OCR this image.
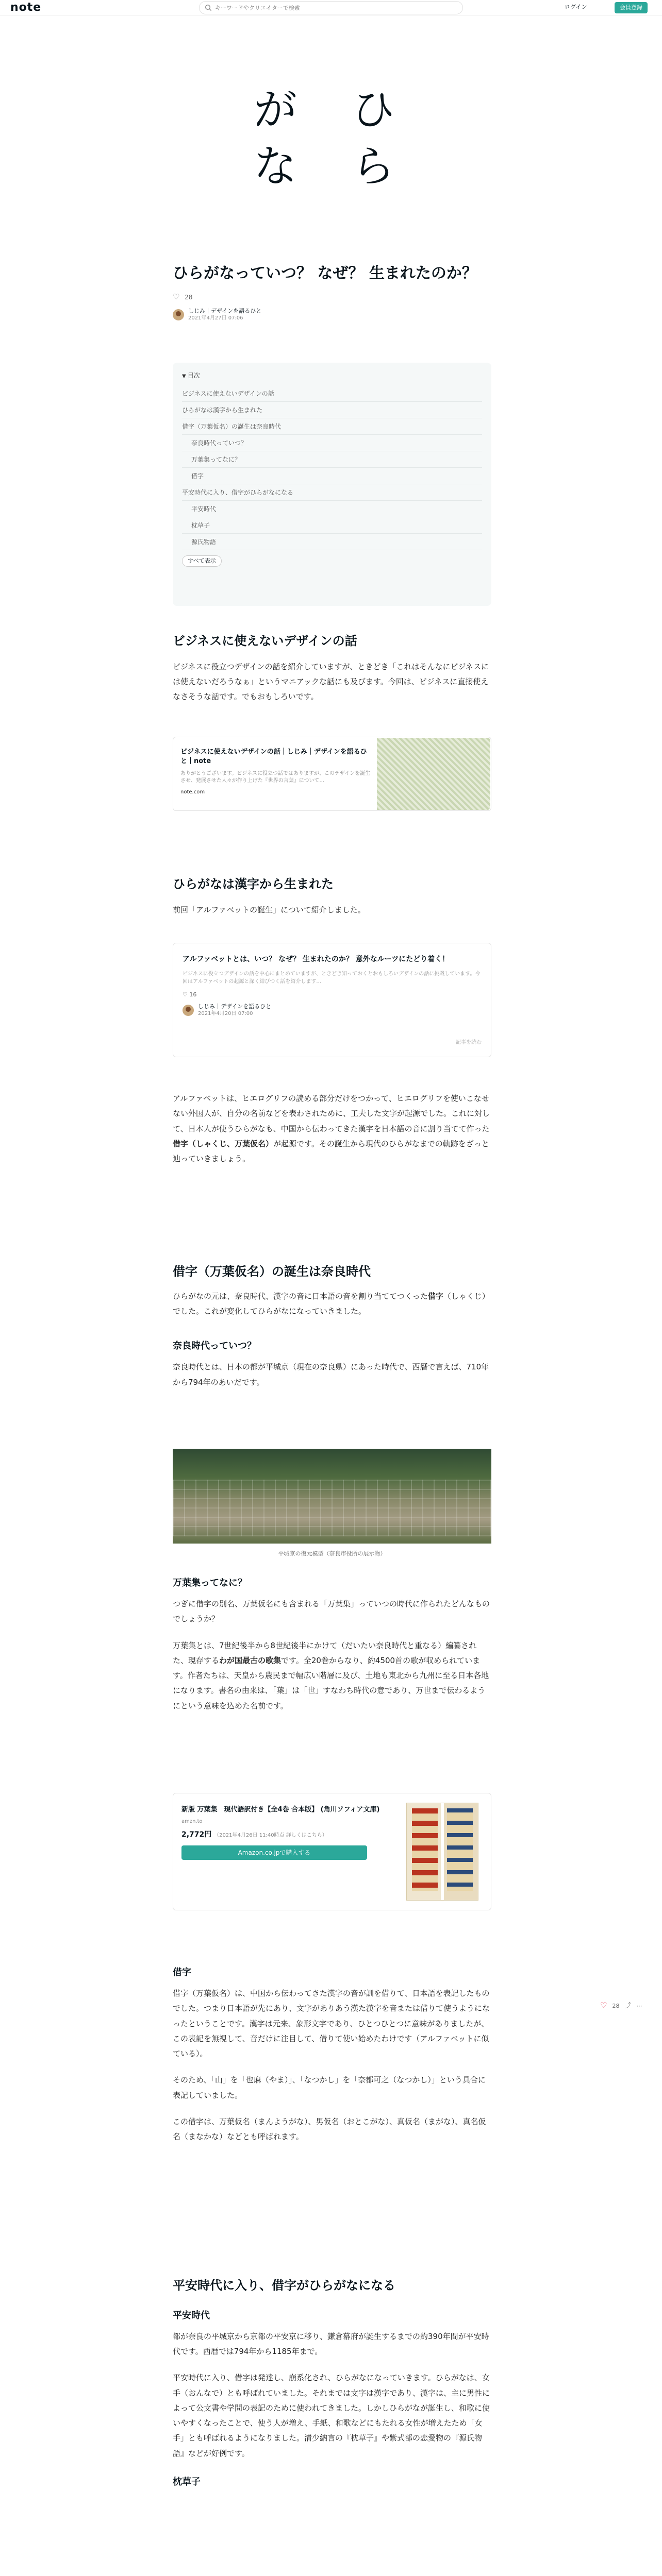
note
キーワードやクリエイターで検索	ログイン	会員登録
が
な
ひ
ら
ひらがなっていつ？ なぜ？ 生まれたのか？
♡ 28
しじみ｜デザインを語るひと
2021年4月27日 07:06
▼ 目次
ビジネスに使えないデザインの話
ひらがなは漢字から生まれた
借字（万葉仮名）の誕生は奈良時代
奈良時代っていつ？
万葉集ってなに？
借字
平安時代に入り、借字がひらがなになる
平安時代
枕草子
源氏物語
すべて表示
ビジネスに使えないデザインの話

ビジネスに役立つデザインの話を紹介していますが、ときどき「これはそんなにビジネスには使えないだろうなぁ」というマニアックな話にも及びます。今回は、ビジネスに直接使えなさそうな話です。でもおもしろいです。

ビジネスに使えないデザインの話｜しじみ｜デザインを語るひと｜note
ありがとうございます。ビジネスに役立つ話ではありますが、このデザインを誕生させ、発展させた人々が作り上げた『世界の言葉』について...
note.com
ひらがなは漢字から生まれた

前回「アルファベットの誕生」について紹介しました。

アルファベットとは、いつ？ なぜ？ 生まれたのか？ 意外なルーツにたどり着く！
ビジネスに役立つデザインの話を中心にまとめていますが、ときどき知っておくとおもしろいデザインの話に挑戦しています。今回はアルファベットの起源と深く結びつく話を紹介します...
♡ 16
しじみ｜デザインを語るひと
2021年4月20日 07:00
記事を読む

アルファベットは、ヒエログリフの読める部分だけをつかって、ヒエログリフを使いこなせない外国人が、自分の名前などを表わされために、工夫した文字が起源でした。これに対して、日本人が使うひらがなも、中国から伝わってきた漢字を日本語の音に割り当てて作った借字（しゃくじ、万葉仮名）が起源です。その誕生から現代のひらがなまでの軌跡をざっと辿っていきましょう。

借字（万葉仮名）の誕生は奈良時代

ひらがなの元は、奈良時代、漢字の音に日本語の音を割り当ててつくった借字（しゃくじ）でした。これが変化してひらがなになっていきました。

奈良時代っていつ？

奈良時代とは、日本の都が平城京（現在の奈良県）にあった時代で、西暦で言えば、710年から794年のあいだです。

平城京の復元模型（奈良市役所の展示物）
万葉集ってなに？

つぎに借字の別名、万葉仮名にも含まれる「万葉集」っていつの時代に作られたどんなものでしょうか？

万葉集とは、7世紀後半から8世紀後半にかけて（だいたい奈良時代と重なる）編纂された、現存するわが国最古の歌集です。全20巻からなり、約4500首の歌が収められています。作者たちは、天皇から農民まで幅広い階層に及び、土地も東北から九州に至る日本各地になります。書名の由来は、「葉」は「世」すなわち時代の意であり、万世まで伝わるようにという意味を込めた名前です。

新版 万葉集　現代語訳付き【全4巻 合本版】 (角川ソフィア文庫)
amzn.to
2,772円 （2021年4月26日 11:40時点 詳しくはこちら）
Amazon.co.jpで購入する
借字

借字（万葉仮名）は、中国から伝わってきた漢字の音が訓を借りて、日本語を表記したものでした。つまり日本語が先にあり、文字がありあう漢た漢字を音または借りて使うようになったということです。漢字は元来、象形文字であり、ひとつひとつに意味がありましたが、この表記を無視して、音だけに注目して、借りて使い始めたわけです（アルファベットに似ている）。

そのため、「山」を「也麻（やま）」、「なつかし」を「奈都可之（なつかし）」という具合に表記していました。

この借字は、万葉仮名（まんようがな）、男仮名（おとこがな）、真仮名（まがな）、真名仮名（まなかな）などとも呼ばれます。

♡ 28 ⤴ ⋯
平安時代に入り、借字がひらがなになる
平安時代

都が奈良の平城京から京都の平安京に移り、鎌倉幕府が誕生するまでの約390年間が平安時代です。西暦では794年から1185年まで。

平安時代に入り、借字は発達し、崩系化され、ひらがなになっていきます。ひらがなは、女手（おんなで）とも呼ばれていました。それまでは文字は漢字であり、漢字は、主に男性によって公文書や学問の表記のために使われてきました。しかしひらがなが誕生し、和歌に使いやすくなったことで、使う人が増え、手紙、和歌などにもたれる女性が増えたため「女手」とも呼ばれるようになりました。清少納言の『枕草子』や紫式部の恋愛物の『源氏物語』などが好例です。

枕草子
